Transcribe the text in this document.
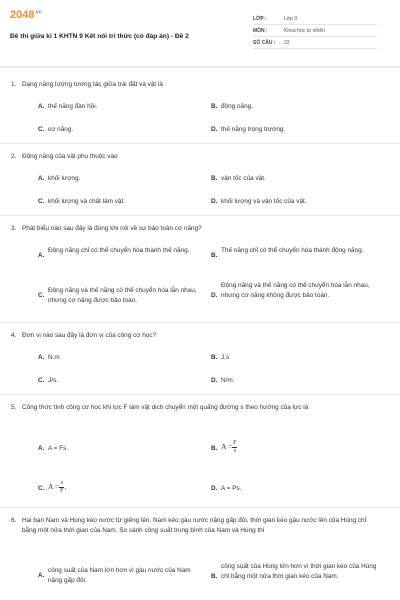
$2048^{.vn}$
Đề thi giữa kì 1 KHTN 9 Kết nối tri thức (có đáp án) - Đề 2
LỚP :	Lớp 9
MÔN :	Khoa học tự nhiên
SỐ CÂU :	22
1. Dạng năng lượng tương tác giữa trái đất và vật là
A. thế năng đàn hồi.	B. động năng.
C. cơ năng.	D. thế năng trọng trường.
2. Động năng của vật phụ thuộc vào
A. khối lượng.	B. vận tốc của vật.
C. khối lượng và chất làm vật.	D. khối lượng và vận tốc của vật.
3. Phát biểu nào sau đây là đúng khi nói về sự bảo toàn cơ năng?
A.
Động năng chỉ có thể chuyển hóa thành thế năng.
B.
Thế năng chỉ có thể chuyển hóa thành động năng.
C.
Động năng và thế năng có thể chuyển hóa lẫn nhau, nhưng cơ năng được bảo toàn.
D.
Động năng và thế năng có thể chuyển hóa lẫn nhau, nhưng cơ năng không được bảo toàn.
4. Đơn vị nào sau đây là đơn vị của công cơ học?
A. N.m	B. J.s
C. J/s.	D. N/m.
5. Công thức tính công cơ học khi lực F làm vật dịch chuyển một quãng đường s theo hướng của lực là
A. A = Fs.	B. $A = \frac{F}{s}$
C. $A = \frac{s}{F}$ .	D. A = Ps.
6. Hai bạn Nam và Hùng kéo nước từ giếng lên. Nam kéo gàu nước nặng gấp đôi, thời gian kéo gàu nước lên của Hùng chỉ bằng một nửa thời gian của Nam. So sánh công suất trung bình của Nam và Hùng thì
A.
công suất của Nam lớn hơn vì gàu nước của Nam nặng gấp đôi.
B.
công suất của Hùng lớn hơn vì thời gian kéo của Hùng chỉ bằng một nửa thời gian kéo của Nam.
